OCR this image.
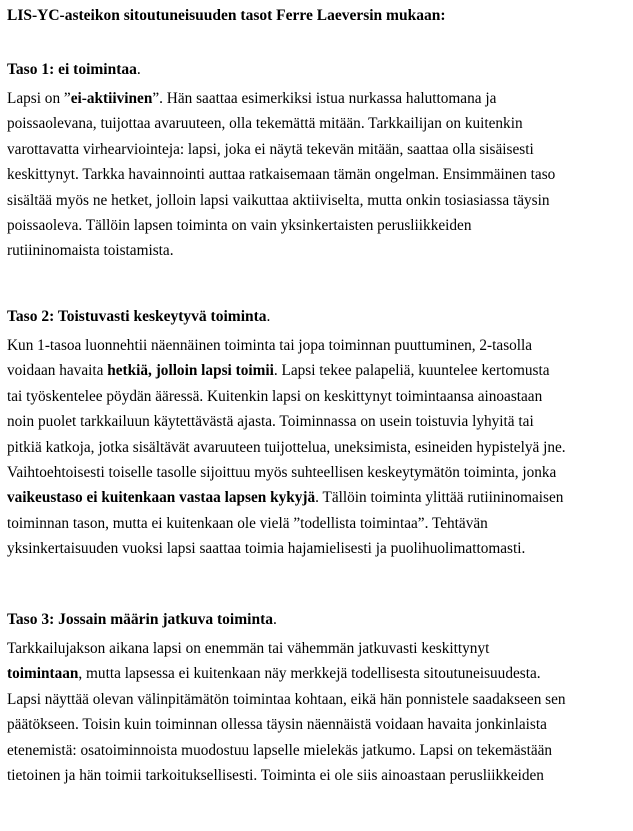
LIS-YC-asteikon sitoutuneisuuden tasot Ferre Laeversin mukaan:

Taso 1: ei toimintaa.

Lapsi on ”ei-aktiivinen”. Hän saattaa esimerkiksi istua nurkassa haluttomana ja
poissaolevana, tuijottaa avaruuteen, olla tekemättä mitään. Tarkkailijan on kuitenkin
varottavatta virhearviointeja: lapsi, joka ei näytä tekevän mitään, saattaa olla sisäisesti
keskittynyt. Tarkka havainnointi auttaa ratkaisemaan tämän ongelman. Ensimmäinen taso
sisältää myös ne hetket, jolloin lapsi vaikuttaa aktiiviselta, mutta onkin tosiasiassa täysin
poissaoleva. Tällöin lapsen toiminta on vain yksinkertaisten perusliikkeiden
rutiininomaista toistamista.

Taso 2: Toistuvasti keskeytyvä toiminta.

Kun 1-tasoa luonnehtii näennäinen toiminta tai jopa toiminnan puuttuminen, 2-tasolla
voidaan havaita hetkiä, jolloin lapsi toimii. Lapsi tekee palapeliä, kuuntelee kertomusta
tai työskentelee pöydän ääressä. Kuitenkin lapsi on keskittynyt toimintaansa ainoastaan
noin puolet tarkkailuun käytettävästä ajasta. Toiminnassa on usein toistuvia lyhyitä tai
pitkiä katkoja, jotka sisältävät avaruuteen tuijottelua, uneksimista, esineiden hypistelyä jne.
Vaihtoehtoisesti toiselle tasolle sijoittuu myös suhteellisen keskeytymätön toiminta, jonka
vaikeustaso ei kuitenkaan vastaa lapsen kykyjä. Tällöin toiminta ylittää rutiininomaisen
toiminnan tason, mutta ei kuitenkaan ole vielä ”todellista toimintaa”. Tehtävän
yksinkertaisuuden vuoksi lapsi saattaa toimia hajamielisesti ja puolihuolimattomasti.

Taso 3: Jossain määrin jatkuva toiminta.

Tarkkailujakson aikana lapsi on enemmän tai vähemmän jatkuvasti keskittynyt
toimintaan, mutta lapsessa ei kuitenkaan näy merkkejä todellisesta sitoutuneisuudesta.
Lapsi näyttää olevan välinpitämätön toimintaa kohtaan, eikä hän ponnistele saadakseen sen
päätökseen. Toisin kuin toiminnan ollessa täysin näennäistä voidaan havaita jonkinlaista
etenemistä: osatoiminnoista muodostuu lapselle mielekäs jatkumo. Lapsi on tekemästään
tietoinen ja hän toimii tarkoituksellisesti. Toiminta ei ole siis ainoastaan perusliikkeiden
